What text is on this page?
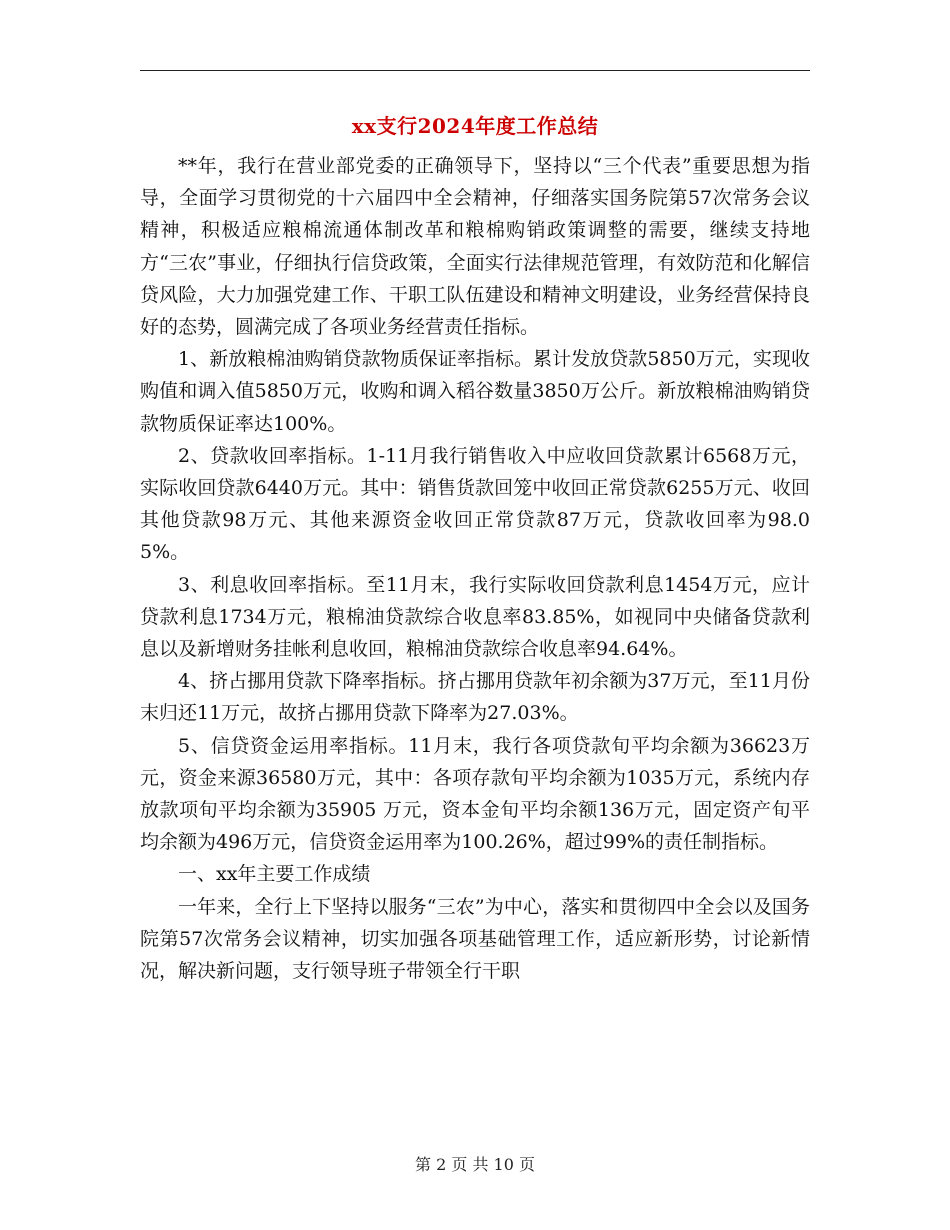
xx支行2024年度工作总结

**年，我行在营业部党委的正确领导下，坚持以“三个代表”重要思想为指导，全面学习贯彻党的十六届四中全会精神，仔细落实国务院第57次常务会议精神，积极适应粮棉流通体制改革和粮棉购销政策调整的需要，继续支持地方“三农”事业，仔细执行信贷政策，全面实行法律规范管理，有效防范和化解信贷风险，大力加强党建工作、干职工队伍建设和精神文明建设，业务经营保持良好的态势，圆满完成了各项业务经营责任指标。

1、新放粮棉油购销贷款物质保证率指标。累计发放贷款5850万元，实现收购值和调入值5850万元，收购和调入稻谷数量3850万公斤。新放粮棉油购销贷款物质保证率达100%。

2、贷款收回率指标。1-11月我行销售收入中应收回贷款累计6568万元，实际收回贷款6440万元。其中：销售货款回笼中收回正常贷款6255万元、收回其他贷款98万元、其他来源资金收回正常贷款87万元，贷款收回率为98.05%。

3、利息收回率指标。至11月末，我行实际收回贷款利息1454万元，应计贷款利息1734万元，粮棉油贷款综合收息率83.85%，如视同中央储备贷款利息以及新增财务挂帐利息收回，粮棉油贷款综合收息率94.64%。

4、挤占挪用贷款下降率指标。挤占挪用贷款年初余额为37万元，至11月份末归还11万元，故挤占挪用贷款下降率为27.03%。

5、信贷资金运用率指标。11月末，我行各项贷款旬平均余额为36623万元，资金来源36580万元，其中：各项存款旬平均余额为1035万元，系统内存放款项旬平均余额为35905 万元，资本金旬平均余额136万元，固定资产旬平均余额为496万元，信贷资金运用率为100.26%，超过99%的责任制指标。

一、xx年主要工作成绩

一年来，全行上下坚持以服务“三农”为中心，落实和贯彻四中全会以及国务院第57次常务会议精神，切实加强各项基础管理工作，适应新形势，讨论新情况，解决新问题，支行领导班子带领全行干职

第 2 页 共 10 页
